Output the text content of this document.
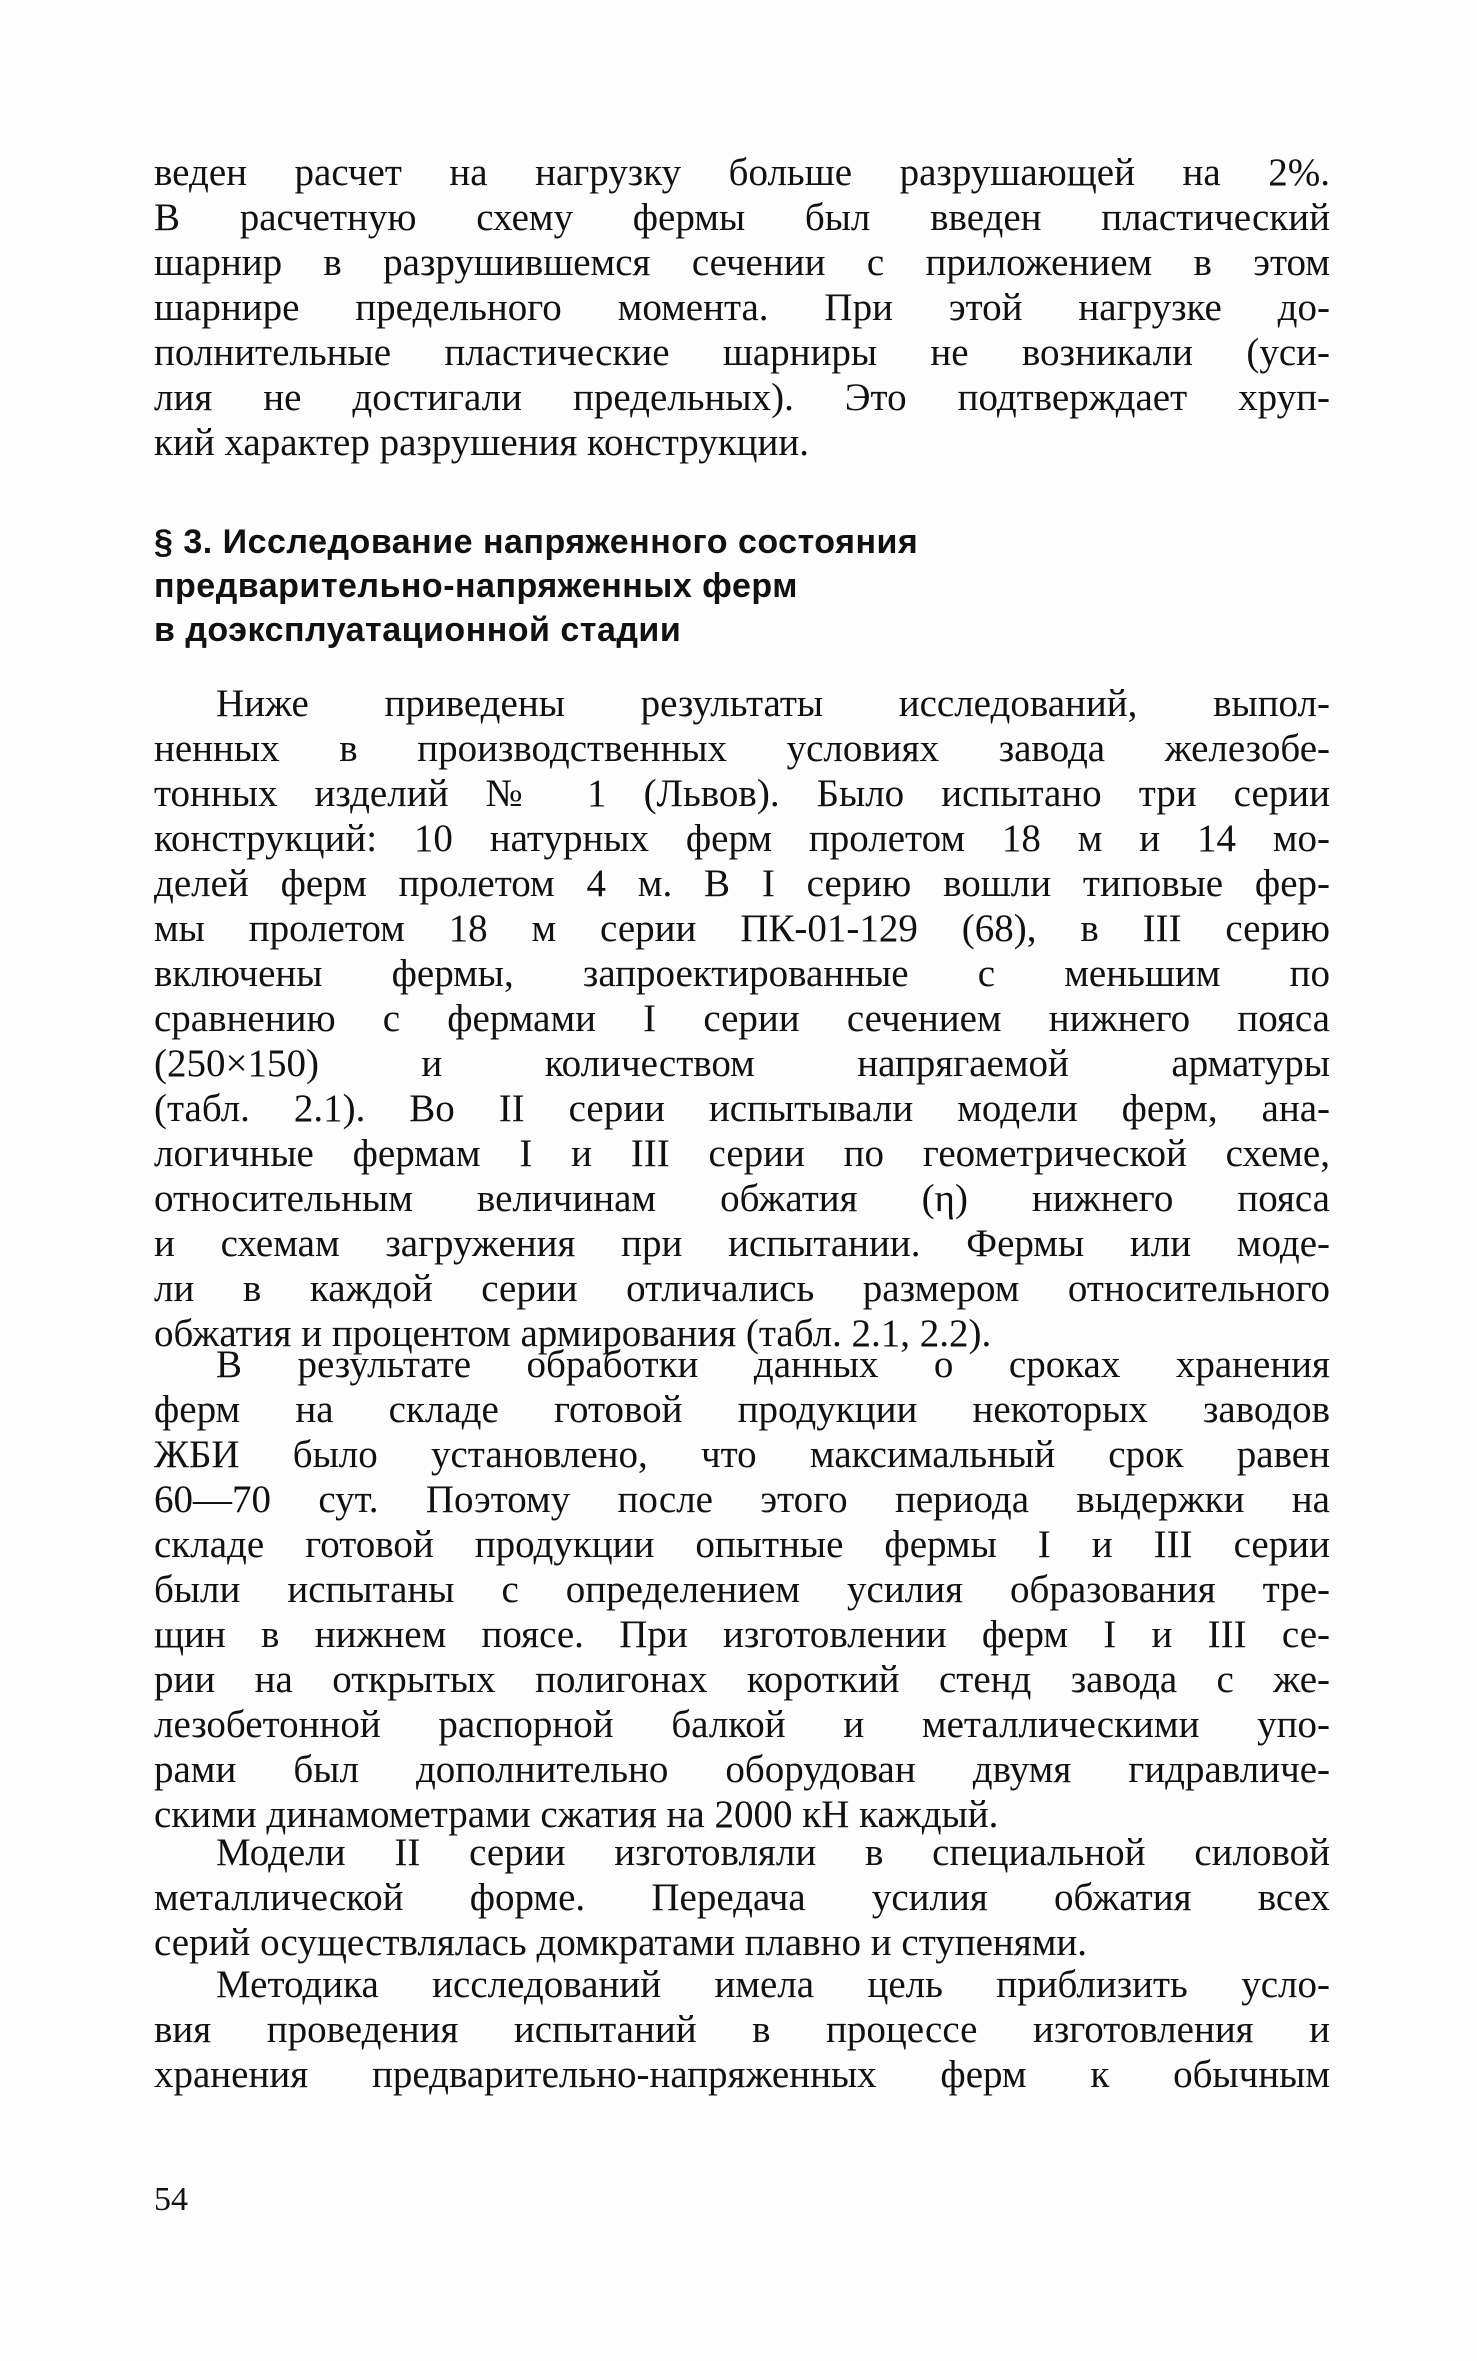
веден расчет на нагрузку больше разрушающей на 2%.
В расчетную схему фермы был введен пластический
шарнир в разрушившемся сечении с приложением в этом
шарнире предельного момента. При этой нагрузке до-
полнительные пластические шарниры не возникали (уси-
лия не достигали предельных). Это подтверждает хруп-
кий характер разрушения конструкции.
§ 3. Исследование напряженного состояния
предварительно-напряженных ферм
в доэксплуатационной стадии
Ниже приведены результаты исследований, выпол-
ненных в производственных условиях завода железобе-
тонных изделий № 1 (Львов). Было испытано три серии
конструкций: 10 натурных ферм пролетом 18 м и 14 мо-
делей ферм пролетом 4 м. В I серию вошли типовые фер-
мы пролетом 18 м серии ПК-01-129 (68), в III серию
включены фермы, запроектированные с меньшим по
сравнению с фермами I серии сечением нижнего пояса
(250×150) и количеством напрягаемой арматуры
(табл. 2.1). Во II серии испытывали модели ферм, ана-
логичные фермам I и III серии по геометрической схеме,
относительным величинам обжатия (η) нижнего пояса
и схемам загружения при испытании. Фермы или моде-
ли в каждой серии отличались размером относительного
обжатия и процентом армирования (табл. 2.1, 2.2).
В результате обработки данных о сроках хранения
ферм на складе готовой продукции некоторых заводов
ЖБИ было установлено, что максимальный срок равен
60—70 сут. Поэтому после этого периода выдержки на
складе готовой продукции опытные фермы I и III серии
были испытаны с определением усилия образования тре-
щин в нижнем поясе. При изготовлении ферм I и III се-
рии на открытых полигонах короткий стенд завода с же-
лезобетонной распорной балкой и металлическими упо-
рами был дополнительно оборудован двумя гидравличе-
скими динамометрами сжатия на 2000 кН каждый.
Модели II серии изготовляли в специальной силовой
металлической форме. Передача усилия обжатия всех
серий осуществлялась домкратами плавно и ступенями.
Методика исследований имела цель приблизить усло-
вия проведения испытаний в процессе изготовления и
хранения предварительно-напряженных ферм к обычным
54
